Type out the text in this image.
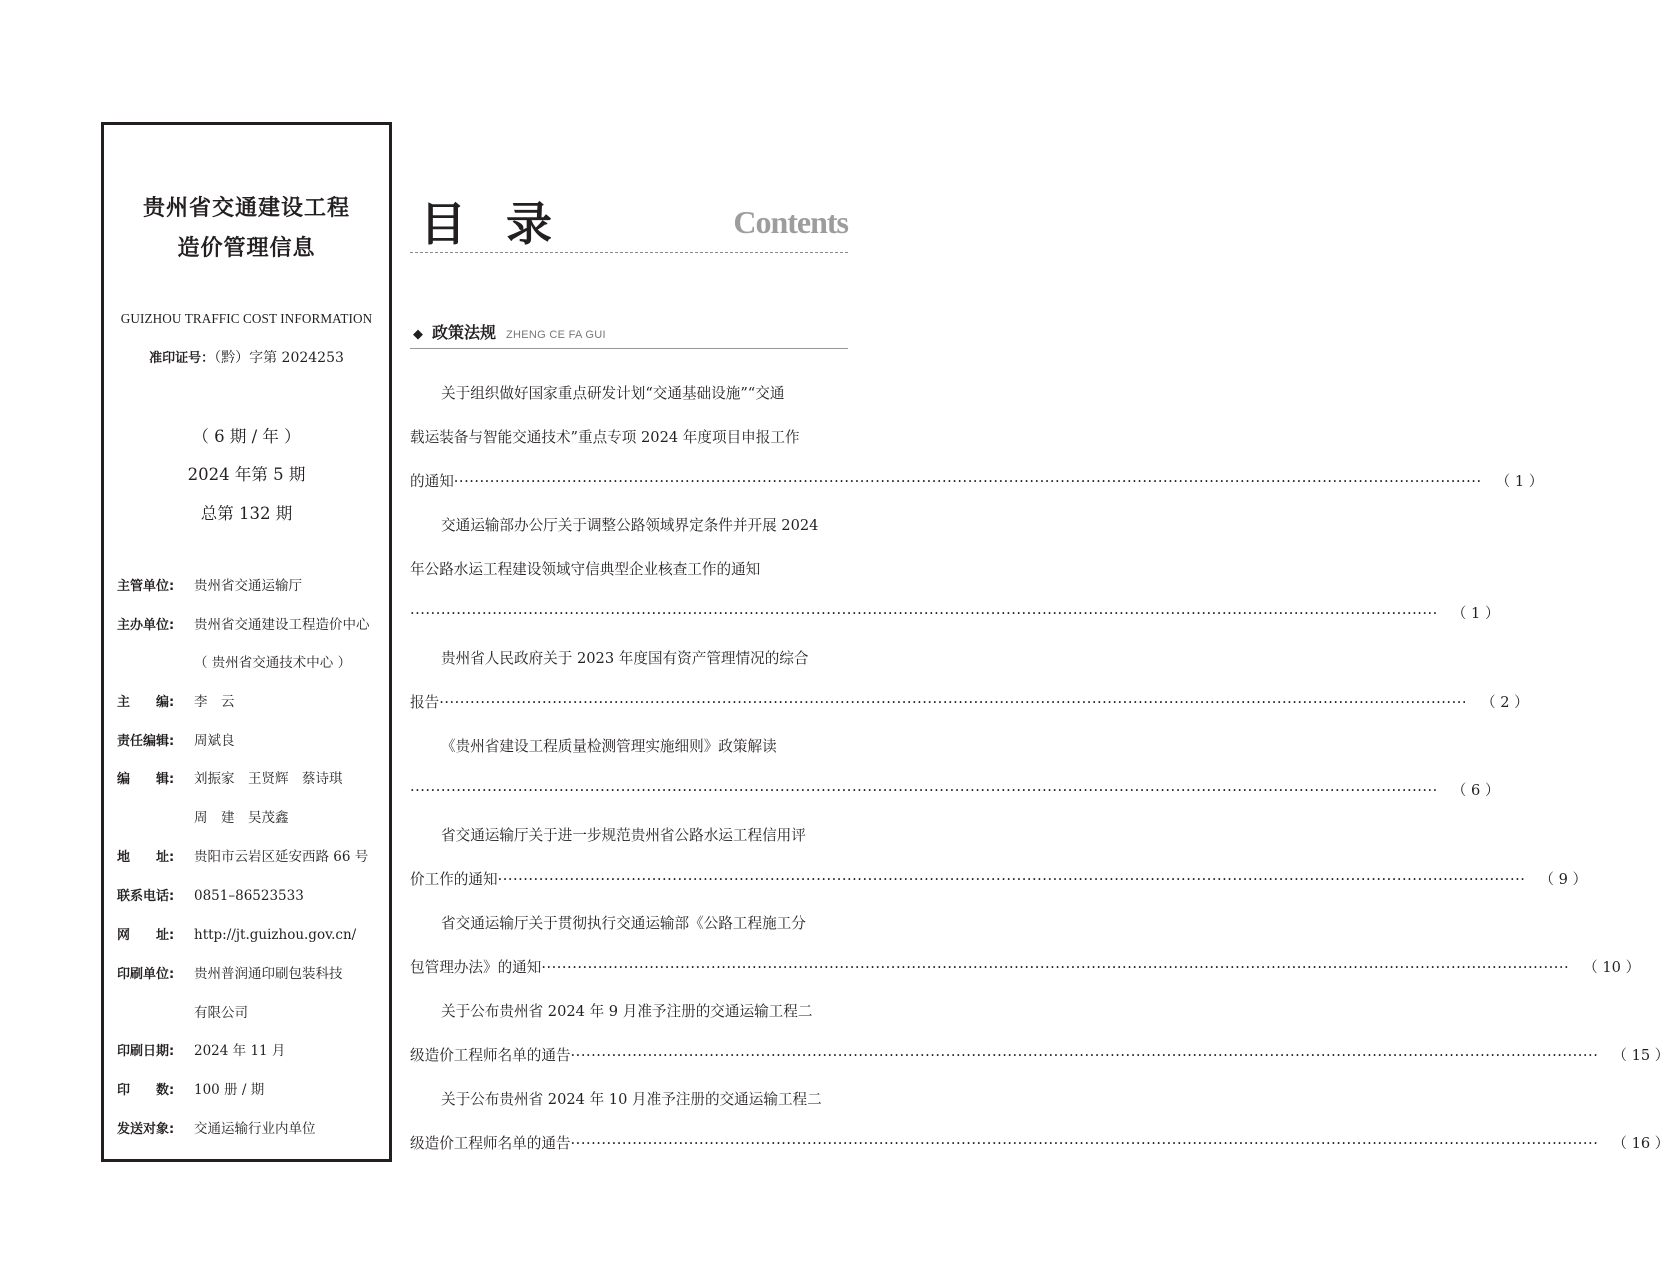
贵州省交通建设工程
造价管理信息
GUIZHOU TRAFFIC COST INFORMATION
准印证号：（黔）字第 2024253
（ 6 期 / 年 ）
2024 年第 5 期
总第 132 期
主管单位: 贵州省交通运输厅
主办单位: 贵州省交通建设工程造价中心
（ 贵州省交通技术中心 ）
主　　编: 李　云
责任编辑: 周斌良
编　　辑: 刘振家　王贤辉　蔡诗琪
周　建　吴茂鑫
地　　址: 贵阳市云岩区延安西路 66 号
联系电话: 0851–86523533
网　　址: http://jt.guizhou.gov.cn/
印刷单位: 贵州普润通印刷包装科技
有限公司
印刷日期: 2024 年 11 月
印　　数: 100 册 / 期
发送对象: 交通运输行业内单位
目录	Contents
◆ 政策法规 ZHENG CE FA GUI
关于组织做好国家重点研发计划“交通基础设施”“交通
载运装备与智能交通技术”重点专项 2024 年度项目申报工作
的通知 ········································································································································································································ （ 1 ）
交通运输部办公厅关于调整公路领域界定条件并开展 2024
年公路水运工程建设领域守信典型企业核查工作的通知
········································································································································································································ （ 1 ）
贵州省人民政府关于 2023 年度国有资产管理情况的综合
报告 ········································································································································································································ （ 2 ）
《贵州省建设工程质量检测管理实施细则》政策解读
········································································································································································································ （ 6 ）
省交通运输厅关于进一步规范贵州省公路水运工程信用评
价工作的通知 ········································································································································································································ （ 9 ）
省交通运输厅关于贯彻执行交通运输部《公路工程施工分
包管理办法》的通知 ········································································································································································································ （ 10 ）
关于公布贵州省 2024 年 9 月准予注册的交通运输工程二
级造价工程师名单的通告 ········································································································································································································ （ 15 ）
关于公布贵州省 2024 年 10 月准予注册的交通运输工程二
级造价工程师名单的通告 ········································································································································································································ （ 16 ）
